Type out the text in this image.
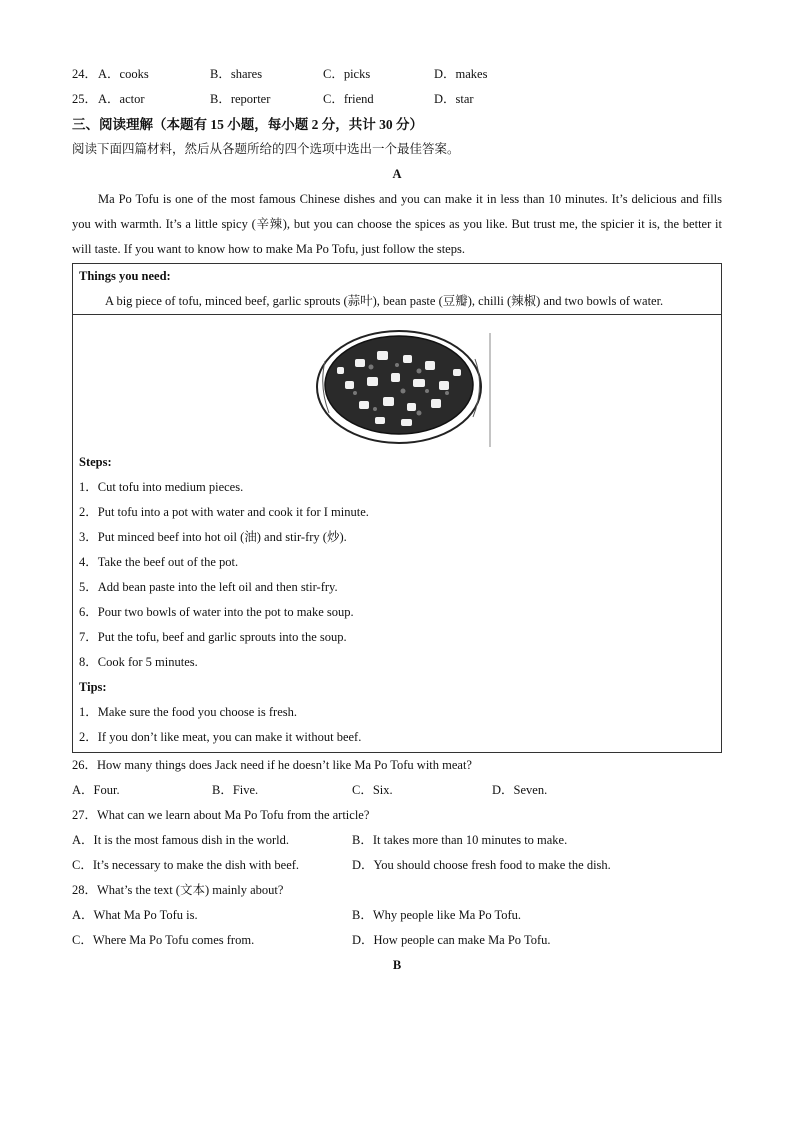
24． A．cooks	B．shares	C．picks	D．makes
25． A．actor	B．reporter	C．friend	D．star
三、阅读理解（本题有 15 小题，每小题 2 分，共计 30 分）
阅读下面四篇材料，然后从各题所给的四个选项中选出一个最佳答案。
A

Ma Po Tofu is one of the most famous Chinese dishes and you can make it in less than 10 minutes. It’s delicious and fills you with warmth. It’s a little spicy (辛辣), but you can choose the spices as you like. But trust me, the spicier it is, the better it will taste. If you want to know how to make Ma Po Tofu, just follow the steps.

Things you need:

A big piece of tofu, minced beef, garlic sprouts (蒜叶), bean paste (豆瓣), chilli (辣椒) and two bowls of water.

Steps:
1．Cut tofu into medium pieces.
2．Put tofu into a pot with water and cook it for I minute.
3．Put minced beef into hot oil (油) and stir-fry (炒).
4．Take the beef out of the pot.
5．Add bean paste into the left oil and then stir-fry.
6．Pour two bowls of water into the pot to make soup.
7．Put the tofu, beef and garlic sprouts into the soup.
8．Cook for 5 minutes.
Tips:
1．Make sure the food you choose is fresh.
2．If you don’t like meat, you can make it without beef.
26．How many things does Jack need if he doesn’t like Ma Po Tofu with meat?
A．Four.	B．Five.	C．Six.	D．Seven.
27．What can we learn about Ma Po Tofu from the article?
A．It is the most famous dish in the world.	B．It takes more than 10 minutes to make.
C．It’s necessary to make the dish with beef.	D．You should choose fresh food to make the dish.
28．What’s the text (文本) mainly about?
A．What Ma Po Tofu is.	B．Why people like Ma Po Tofu.
C．Where Ma Po Tofu comes from.	D．How people can make Ma Po Tofu.
B
